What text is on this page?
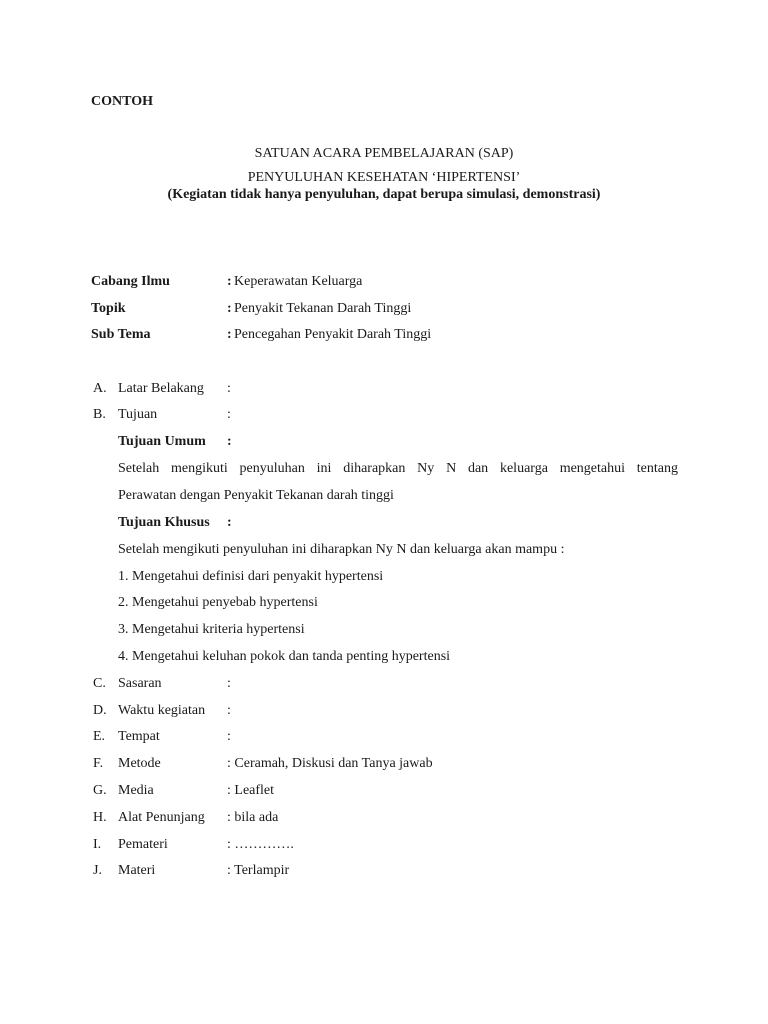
CONTOH
SATUAN ACARA PEMBELAJARAN (SAP)
PENYULUHAN KESEHATAN ‘HIPERTENSI’
(Kegiatan tidak hanya penyuluhan, dapat berupa simulasi, demonstrasi)
Cabang Ilmu	: Keperawatan Keluarga
Topik	: Penyakit Tekanan Darah Tinggi
Sub Tema	: Pencegahan Penyakit Darah Tinggi
A. Latar Belakang :
B. Tujuan	:
Tujuan Umum :
Setelah mengikuti penyuluhan ini diharapkan Ny N dan keluarga mengetahui tentang
Perawatan dengan Penyakit Tekanan darah tinggi
Tujuan Khusus :
Setelah mengikuti penyuluhan ini diharapkan Ny N dan keluarga akan mampu :
1. Mengetahui definisi dari penyakit hypertensi
2. Mengetahui penyebab hypertensi
3. Mengetahui kriteria hypertensi
4. Mengetahui keluhan pokok dan tanda penting hypertensi
C. Sasaran	:
D. Waktu kegiatan :
E. Tempat	:
F. Metode	: Ceramah, Diskusi dan Tanya jawab
G. Media	: Leaflet
H. Alat Penunjang : bila ada
I. Pemateri	: ………….
J. Materi	: Terlampir
